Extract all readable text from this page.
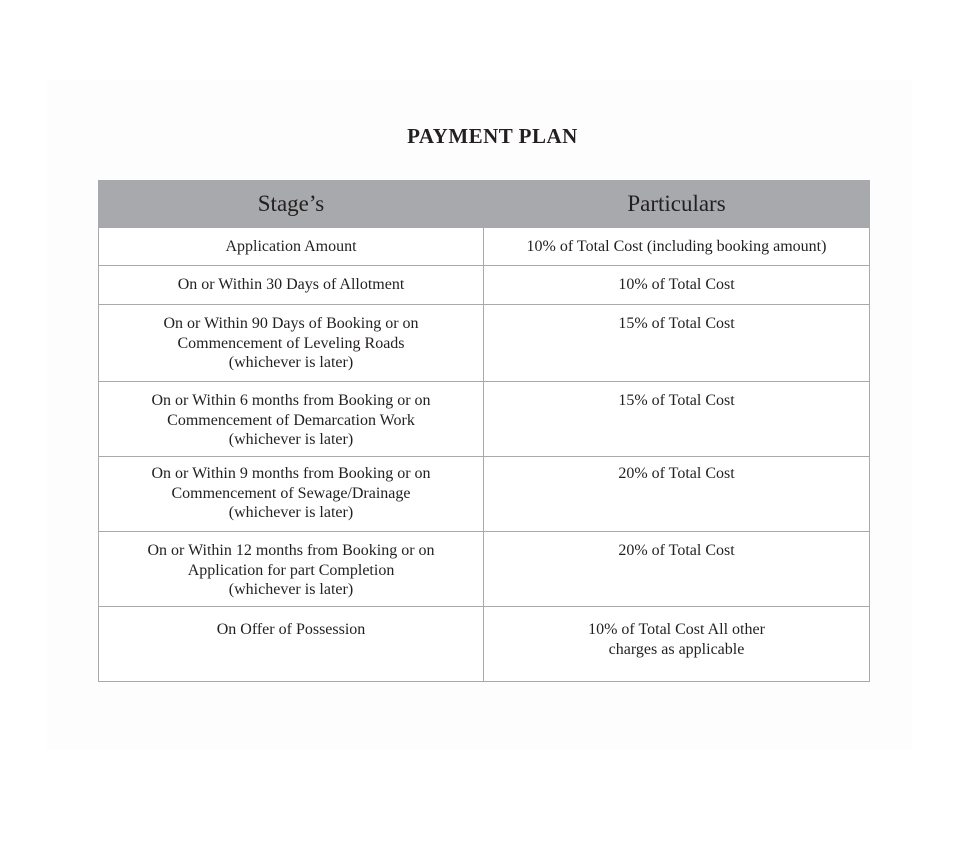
PAYMENT PLAN
Stage’s	Particulars

Application Amount	10% of Total Cost (including booking amount)

On or Within 30 Days of Allotment	10% of Total Cost

On or Within 90 Days of Booking or on
Commencement of Leveling Roads
(whichever is later)	15% of Total Cost

On or Within 6 months from Booking or on
Commencement of Demarcation Work
(whichever is later)	15% of Total Cost

On or Within 9 months from Booking or on
Commencement of Sewage/Drainage
(whichever is later)	20% of Total Cost

On or Within 12 months from Booking or on
Application for part Completion
(whichever is later)	20% of Total Cost

On Offer of Possession	10% of Total Cost All other
charges as applicable
